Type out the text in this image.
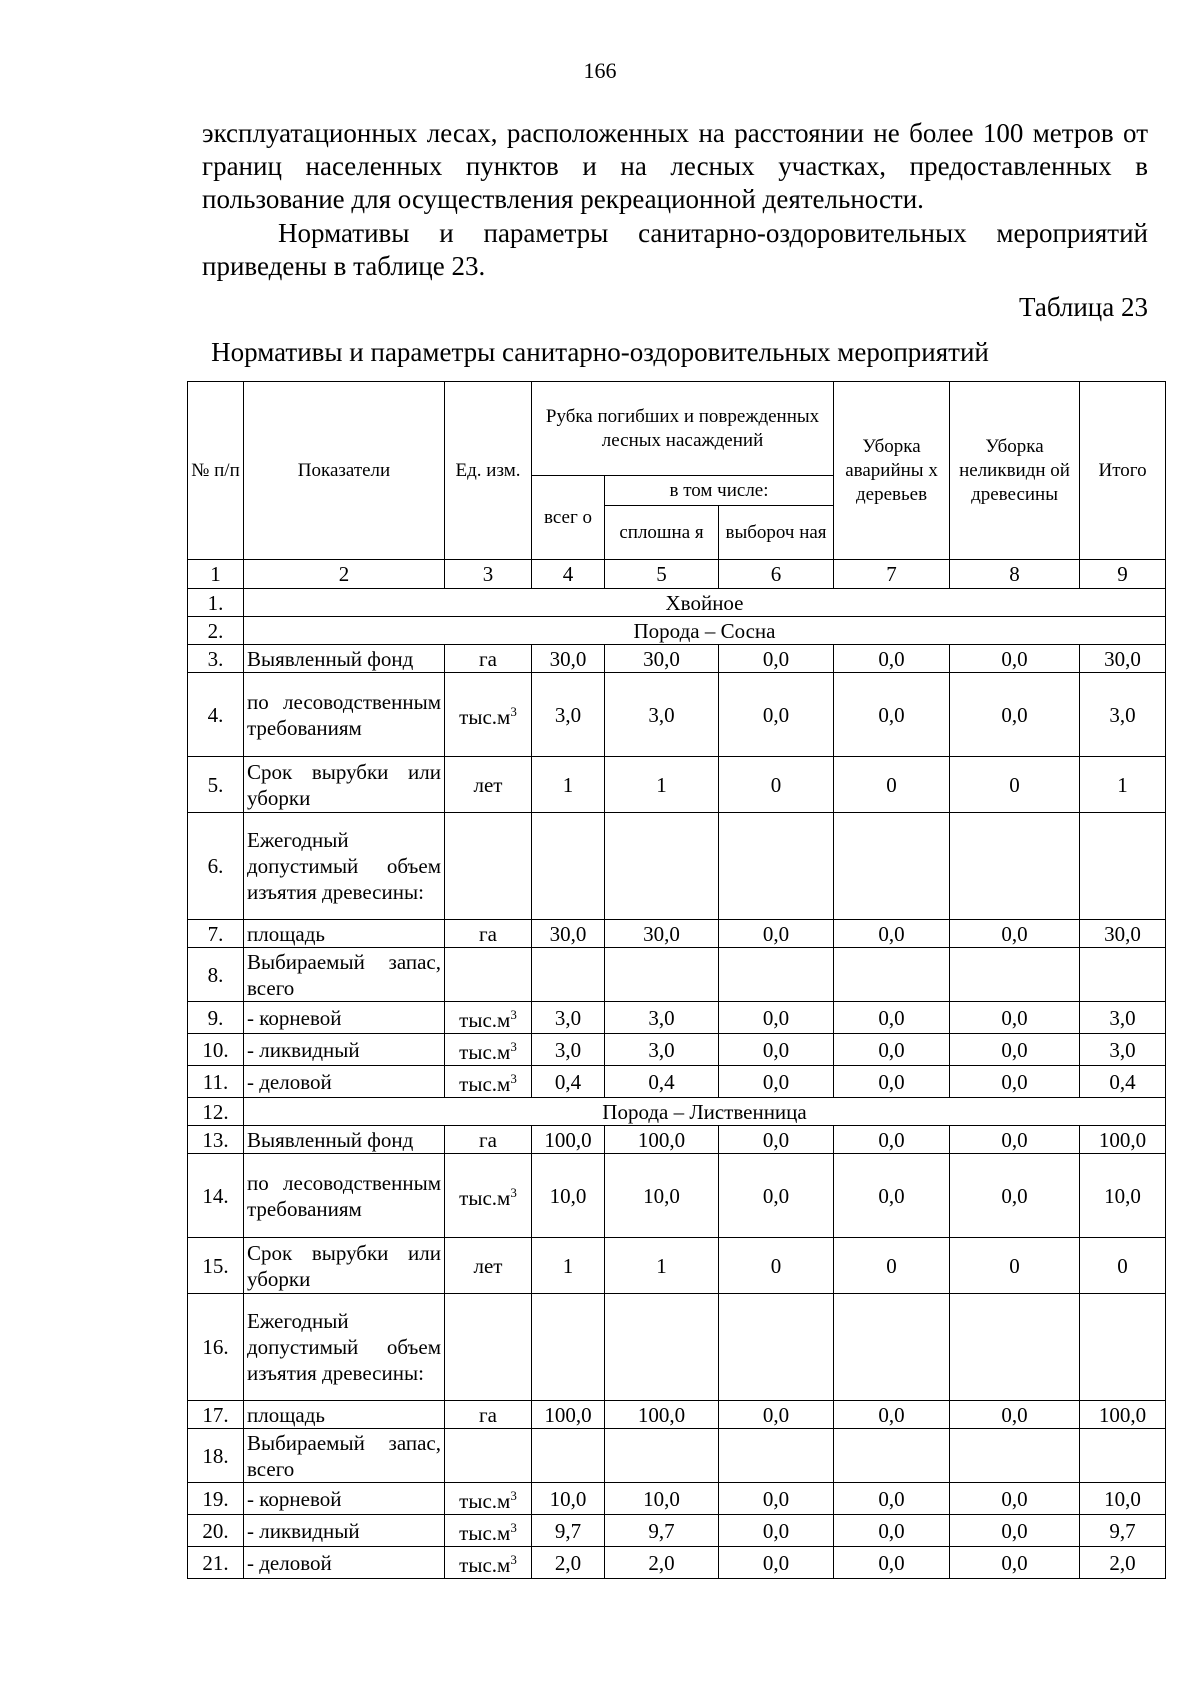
166

эксплуатационных лесах, расположенных на расстоянии не более 100 метров от границ населенных пунктов и на лесных участках, предоставленных в пользование для осуществления рекреационной деятельности.

Нормативы и параметры санитарно-оздоровительных мероприятий приведены в таблице 23.

Таблица 23
Нормативы и параметры санитарно-оздоровительных мероприятий
№ п/п	Показатели	Ед. изм.	Рубка погибших и поврежденных лесных насаждений			Уборка аварийны х деревьев	Уборка неликвидн ой древесины	Итого
			всег о	в том числе:				
				сплошна я	выбороч ная			
1	2	3	4	5	6	7	8	9
1.	Хвойное							
2.	Порода – Сосна							
3.	Выявленный фонд	га	30,0	30,0	0,0	0,0	0,0	30,0
4.	по лесоводственным требованиям	$тыс.м^3$	3,0	3,0	0,0	0,0	0,0	3,0
5.	Срок вырубки или уборки	лет	1	1	0	0	0	1
6.	Ежегодный допустимый объем изъятия древесины:							
7.	площадь	га	30,0	30,0	0,0	0,0	0,0	30,0
8.	Выбираемый запас, всего							
9.	- корневой	$тыс.м^3$	3,0	3,0	0,0	0,0	0,0	3,0
10.	- ликвидный	$тыс.м^3$	3,0	3,0	0,0	0,0	0,0	3,0
11.	- деловой	$тыс.м^3$	0,4	0,4	0,0	0,0	0,0	0,4
12.	Порода – Лиственница							
13.	Выявленный фонд	га	100,0	100,0	0,0	0,0	0,0	100,0
14.	по лесоводственным требованиям	$тыс.м^3$	10,0	10,0	0,0	0,0	0,0	10,0
15.	Срок вырубки или уборки	лет	1	1	0	0	0	0
16.	Ежегодный допустимый объем изъятия древесины:							
17.	площадь	га	100,0	100,0	0,0	0,0	0,0	100,0
18.	Выбираемый запас, всего							
19.	- корневой	$тыс.м^3$	10,0	10,0	0,0	0,0	0,0	10,0
20.	- ликвидный	$тыс.м^3$	9,7	9,7	0,0	0,0	0,0	9,7
21.	- деловой	$тыс.м^3$	2,0	2,0	0,0	0,0	0,0	2,0
